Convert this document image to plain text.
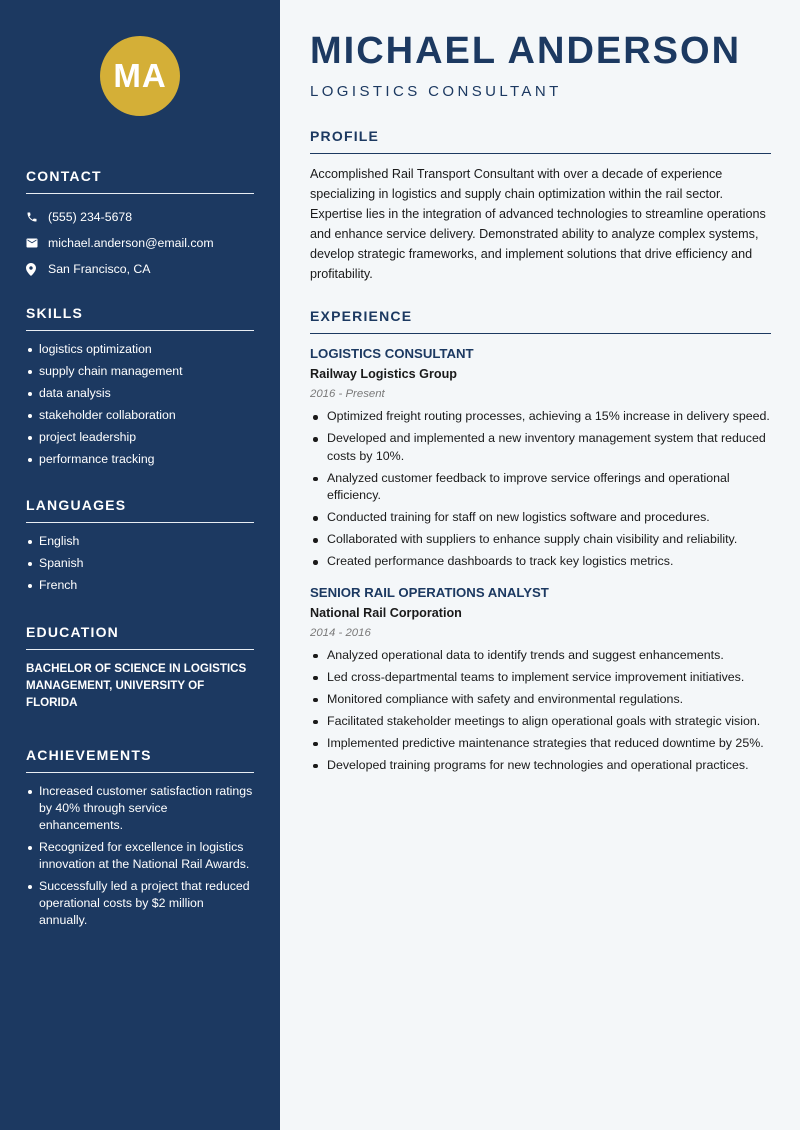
MA
CONTACT
(555) 234-5678
michael.anderson@email.com
San Francisco, CA
SKILLS
logistics optimization
supply chain management
data analysis
stakeholder collaboration
project leadership
performance tracking
LANGUAGES
English
Spanish
French
EDUCATION

BACHELOR OF SCIENCE IN LOGISTICS MANAGEMENT, UNIVERSITY OF FLORIDA

ACHIEVEMENTS
Increased customer satisfaction ratings by 40% through service enhancements.
Recognized for excellence in logistics innovation at the National Rail Awards.
Successfully led a project that reduced operational costs by $2 million annually.
MICHAEL ANDERSON
LOGISTICS CONSULTANT
PROFILE

Accomplished Rail Transport Consultant with over a decade of experience specializing in logistics and supply chain optimization within the rail sector. Expertise lies in the integration of advanced technologies to streamline operations and enhance service delivery. Demonstrated ability to analyze complex systems, develop strategic frameworks, and implement solutions that drive efficiency and profitability.

EXPERIENCE
LOGISTICS CONSULTANT
Railway Logistics Group
2016 - Present
Optimized freight routing processes, achieving a 15% increase in delivery speed.
Developed and implemented a new inventory management system that reduced costs by 10%.
Analyzed customer feedback to improve service offerings and operational efficiency.
Conducted training for staff on new logistics software and procedures.
Collaborated with suppliers to enhance supply chain visibility and reliability.
Created performance dashboards to track key logistics metrics.
SENIOR RAIL OPERATIONS ANALYST
National Rail Corporation
2014 - 2016
Analyzed operational data to identify trends and suggest enhancements.
Led cross-departmental teams to implement service improvement initiatives.
Monitored compliance with safety and environmental regulations.
Facilitated stakeholder meetings to align operational goals with strategic vision.
Implemented predictive maintenance strategies that reduced downtime by 25%.
Developed training programs for new technologies and operational practices.
